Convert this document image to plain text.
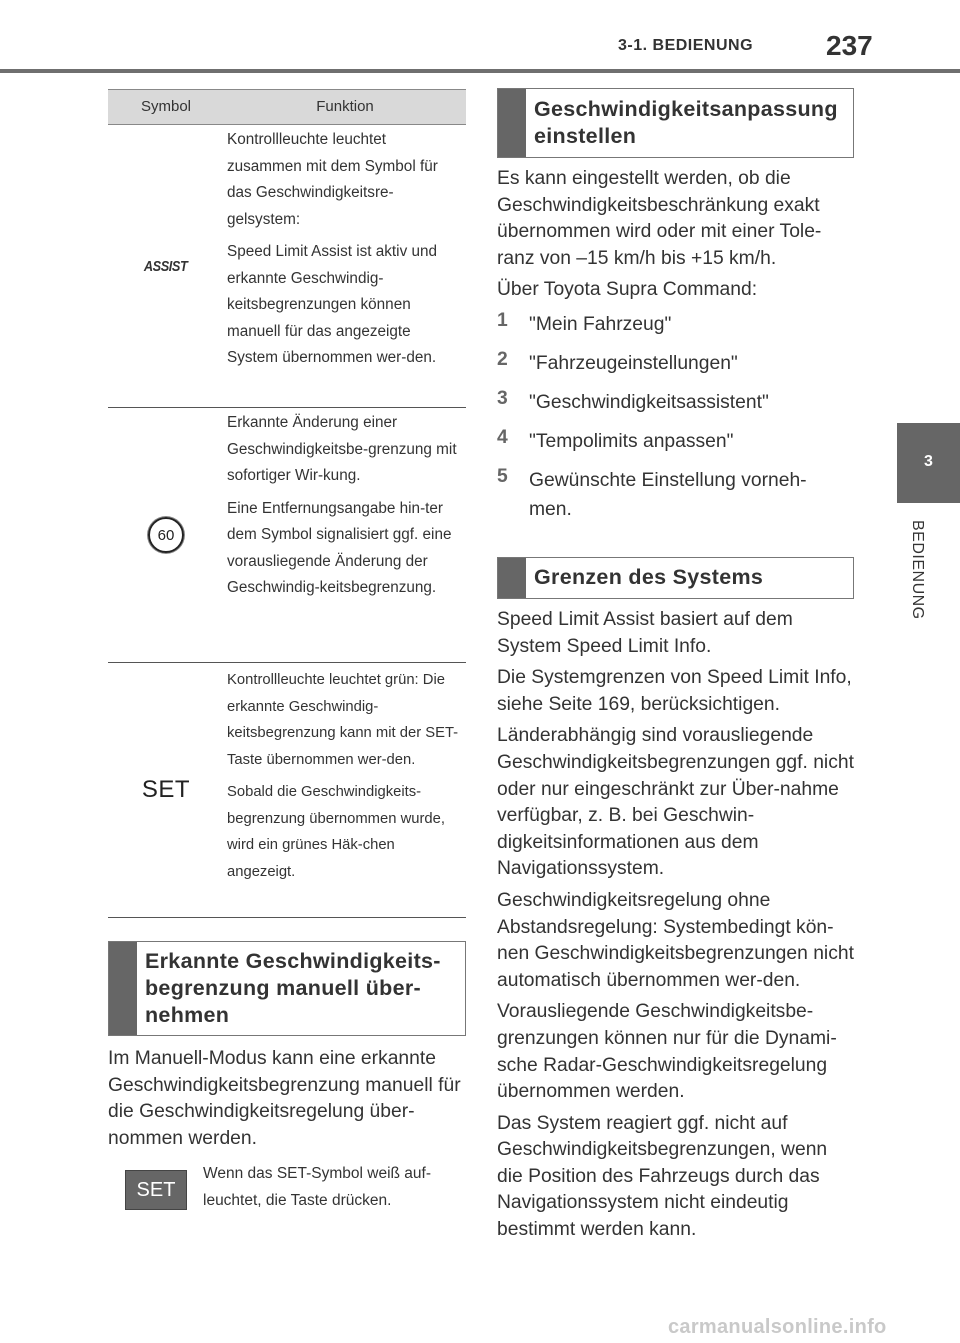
3-1. BEDIENUNG	237
3
BEDIENUNG
Symbol	Funktion
ASSIST

Kontrollleuchte leuchtet zusammen mit dem Symbol für das Geschwindigkeitsre-gelsystem:

Speed Limit Assist ist aktiv und erkannte Geschwindig-keitsbegrenzungen können manuell für das angezeigte System übernommen wer-den.

60

Erkannte Änderung einer Geschwindigkeitsbe-grenzung mit sofortiger Wir-kung.

Eine Entfernungsangabe hin-ter dem Symbol signalisiert ggf. eine vorausliegende Änderung der Geschwindig-keitsbegrenzung.

SET

Kontrollleuchte leuchtet grün: Die erkannte Geschwindig-keitsbegrenzung kann mit der SET-Taste übernommen wer-den.

Sobald die Geschwindigkeits-begrenzung übernommen wurde, wird ein grünes Häk-chen angezeigt.

Erkannte Geschwindigkeits-begrenzung manuell über-nehmen

Im Manuell-Modus kann eine erkannte Geschwindigkeitsbegrenzung manuell für die Geschwindigkeitsregelung über-nommen werden.

SET
Wenn das SET-Symbol weiß auf-leuchtet, die Taste drücken.
Geschwindigkeitsanpassung einstellen

Es kann eingestellt werden, ob die Geschwindigkeitsbeschränkung exakt übernommen wird oder mit einer Tole-ranz von –15 km/h bis +15 km/h.

Über Toyota Supra Command:

1 "Mein Fahrzeug"
2 "Fahrzeugeinstellungen"
3 "Geschwindigkeitsassistent"
4 "Tempolimits anpassen"
5 Gewünschte Einstellung vorneh-men.
Grenzen des Systems

Speed Limit Assist basiert auf dem System Speed Limit Info.

Die Systemgrenzen von Speed Limit Info, siehe Seite 169, berücksichtigen.

Länderabhängig sind vorausliegende Geschwindigkeitsbegrenzungen ggf. nicht oder nur eingeschränkt zur Über-nahme verfügbar, z. B. bei Geschwin-digkeitsinformationen aus dem Navigationssystem.

Geschwindigkeitsregelung ohne Abstandsregelung: Systembedingt kön-nen Geschwindigkeitsbegrenzungen nicht automatisch übernommen wer-den.

Vorausliegende Geschwindigkeitsbe-grenzungen können nur für die Dynami-sche Radar-Geschwindigkeitsregelung übernommen werden.

Das System reagiert ggf. nicht auf Geschwindigkeitsbegrenzungen, wenn die Position des Fahrzeugs durch das Navigationssystem nicht eindeutig bestimmt werden kann.

carmanualsonline.info
